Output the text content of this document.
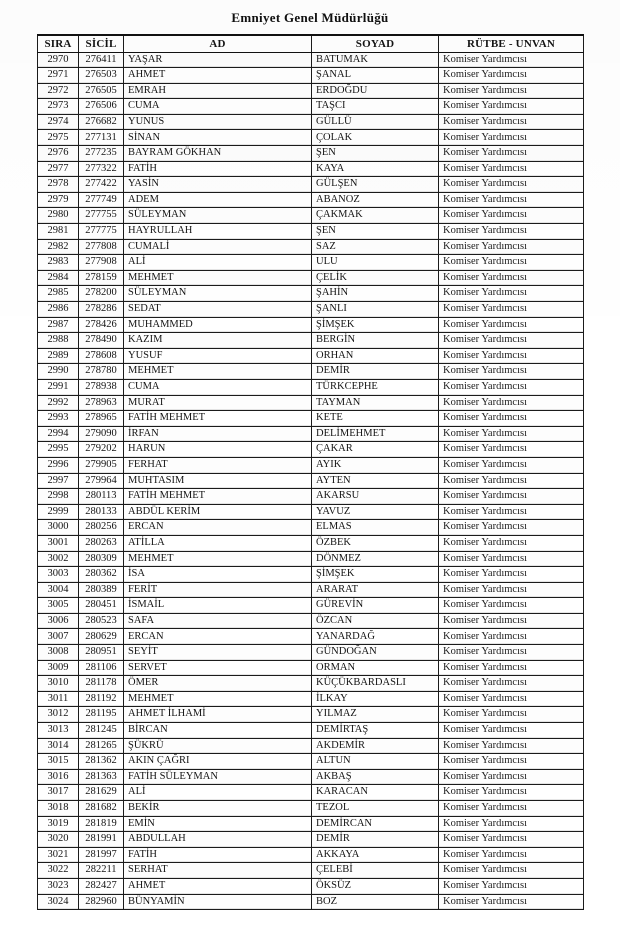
Emniyet Genel Müdürlüğü
SIRA	SİCİL	AD	SOYAD	RÜTBE - UNVAN
2970	276411	YAŞAR	BATUMAK	Komiser Yardımcısı
2971	276503	AHMET	ŞANAL	Komiser Yardımcısı
2972	276505	EMRAH	ERDOĞDU	Komiser Yardımcısı
2973	276506	CUMA	TAŞCI	Komiser Yardımcısı
2974	276682	YUNUS	GÜLLÜ	Komiser Yardımcısı
2975	277131	SİNAN	ÇOLAK	Komiser Yardımcısı
2976	277235	BAYRAM GÖKHAN	ŞEN	Komiser Yardımcısı
2977	277322	FATİH	KAYA	Komiser Yardımcısı
2978	277422	YASİN	GÜLŞEN	Komiser Yardımcısı
2979	277749	ADEM	ABANOZ	Komiser Yardımcısı
2980	277755	SÜLEYMAN	ÇAKMAK	Komiser Yardımcısı
2981	277775	HAYRULLAH	ŞEN	Komiser Yardımcısı
2982	277808	CUMALİ	SAZ	Komiser Yardımcısı
2983	277908	ALİ	ULU	Komiser Yardımcısı
2984	278159	MEHMET	ÇELİK	Komiser Yardımcısı
2985	278200	SÜLEYMAN	ŞAHİN	Komiser Yardımcısı
2986	278286	SEDAT	ŞANLI	Komiser Yardımcısı
2987	278426	MUHAMMED	ŞİMŞEK	Komiser Yardımcısı
2988	278490	KAZIM	BERGİN	Komiser Yardımcısı
2989	278608	YUSUF	ORHAN	Komiser Yardımcısı
2990	278780	MEHMET	DEMİR	Komiser Yardımcısı
2991	278938	CUMA	TÜRKCEPHE	Komiser Yardımcısı
2992	278963	MURAT	TAYMAN	Komiser Yardımcısı
2993	278965	FATİH MEHMET	KETE	Komiser Yardımcısı
2994	279090	İRFAN	DELİMEHMET	Komiser Yardımcısı
2995	279202	HARUN	ÇAKAR	Komiser Yardımcısı
2996	279905	FERHAT	AYIK	Komiser Yardımcısı
2997	279964	MUHTASIM	AYTEN	Komiser Yardımcısı
2998	280113	FATİH MEHMET	AKARSU	Komiser Yardımcısı
2999	280133	ABDÜL KERİM	YAVUZ	Komiser Yardımcısı
3000	280256	ERCAN	ELMAS	Komiser Yardımcısı
3001	280263	ATİLLA	ÖZBEK	Komiser Yardımcısı
3002	280309	MEHMET	DÖNMEZ	Komiser Yardımcısı
3003	280362	İSA	ŞİMŞEK	Komiser Yardımcısı
3004	280389	FERİT	ARARAT	Komiser Yardımcısı
3005	280451	İSMAİL	GÜREVİN	Komiser Yardımcısı
3006	280523	SAFA	ÖZCAN	Komiser Yardımcısı
3007	280629	ERCAN	YANARDAĞ	Komiser Yardımcısı
3008	280951	SEYİT	GÜNDOĞAN	Komiser Yardımcısı
3009	281106	SERVET	ORMAN	Komiser Yardımcısı
3010	281178	ÖMER	KÜÇÜKBARDASLI	Komiser Yardımcısı
3011	281192	MEHMET	İLKAY	Komiser Yardımcısı
3012	281195	AHMET İLHAMİ	YILMAZ	Komiser Yardımcısı
3013	281245	BİRCAN	DEMİRTAŞ	Komiser Yardımcısı
3014	281265	ŞÜKRÜ	AKDEMİR	Komiser Yardımcısı
3015	281362	AKIN ÇAĞRI	ALTUN	Komiser Yardımcısı
3016	281363	FATİH SÜLEYMAN	AKBAŞ	Komiser Yardımcısı
3017	281629	ALİ	KARACAN	Komiser Yardımcısı
3018	281682	BEKİR	TEZOL	Komiser Yardımcısı
3019	281819	EMİN	DEMİRCAN	Komiser Yardımcısı
3020	281991	ABDULLAH	DEMİR	Komiser Yardımcısı
3021	281997	FATİH	AKKAYA	Komiser Yardımcısı
3022	282211	SERHAT	ÇELEBİ	Komiser Yardımcısı
3023	282427	AHMET	ÖKSÜZ	Komiser Yardımcısı
3024	282960	BÜNYAMİN	BOZ	Komiser Yardımcısı
